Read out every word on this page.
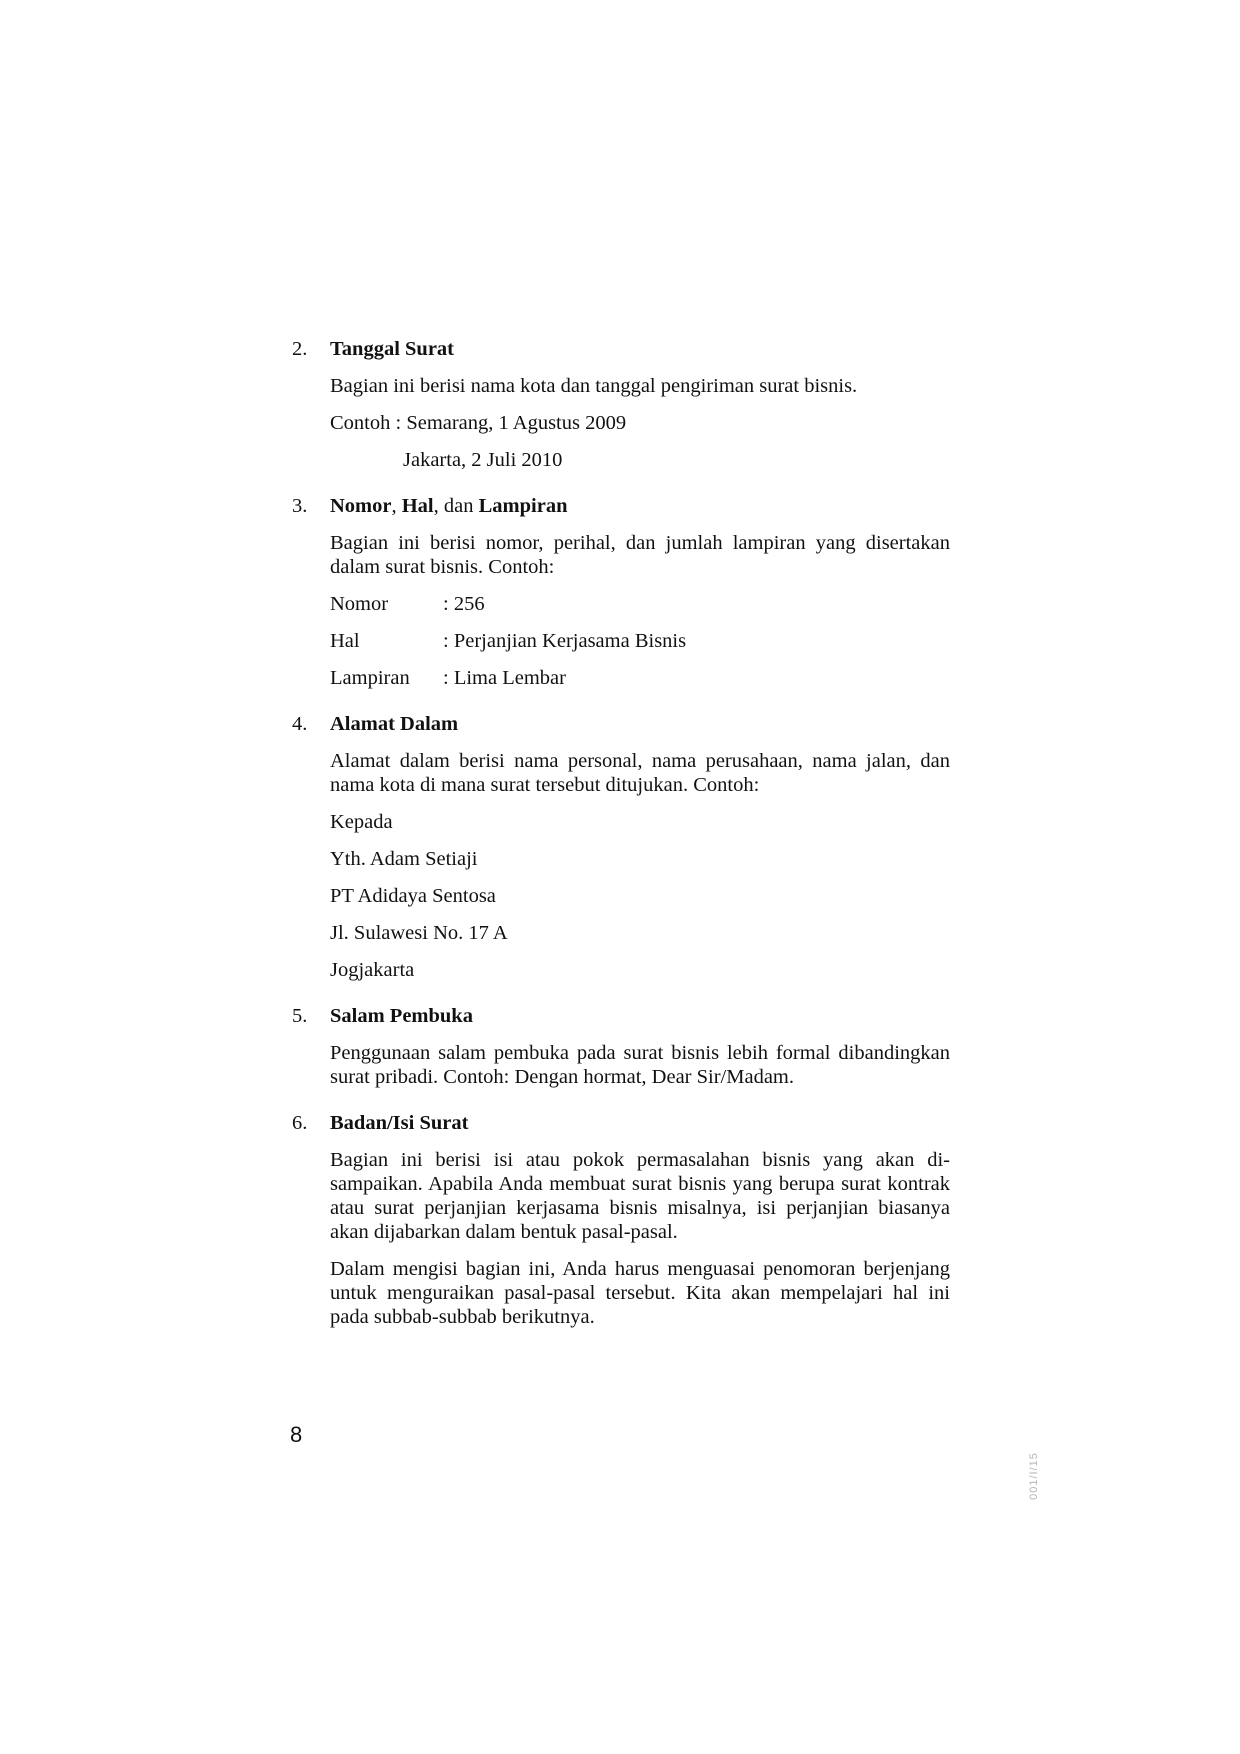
2. Tanggal Surat

Bagian ini berisi nama kota dan tanggal pengiriman surat bisnis.

Contoh : Semarang, 1 Agustus 2009

Jakarta, 2 Juli 2010

3. Nomor, Hal, dan Lampiran

Bagian ini berisi nomor, perihal, dan jumlah lampiran yang disertakan dalam surat bisnis. Contoh:

Nomor	: 256
Hal	: Perjanjian Kerjasama Bisnis
Lampiran	: Lima Lembar
4. Alamat Dalam

Alamat dalam berisi nama personal, nama perusahaan, nama jalan, dan nama kota di mana surat tersebut ditujukan. Contoh:

Kepada

Yth. Adam Setiaji

PT Adidaya Sentosa

Jl. Sulawesi No. 17 A

Jogjakarta

5. Salam Pembuka

Penggunaan salam pembuka pada surat bisnis lebih formal dibandingkan surat pribadi. Contoh: Dengan hormat, Dear Sir/Madam.

6. Badan/Isi Surat

Bagian ini berisi isi atau pokok permasalahan bisnis yang akan disampaikan. Apabila Anda membuat surat bisnis yang berupa surat kontrak atau surat perjanjian kerjasama bisnis misalnya, isi perjanjian biasanya akan dijabarkan dalam bentuk pasal-pasal.

Dalam mengisi bagian ini, Anda harus menguasai penomoran berjenjang untuk menguraikan pasal-pasal tersebut. Kita akan mempelajari hal ini pada subbab-subbab berikutnya.

8
001/I/15
